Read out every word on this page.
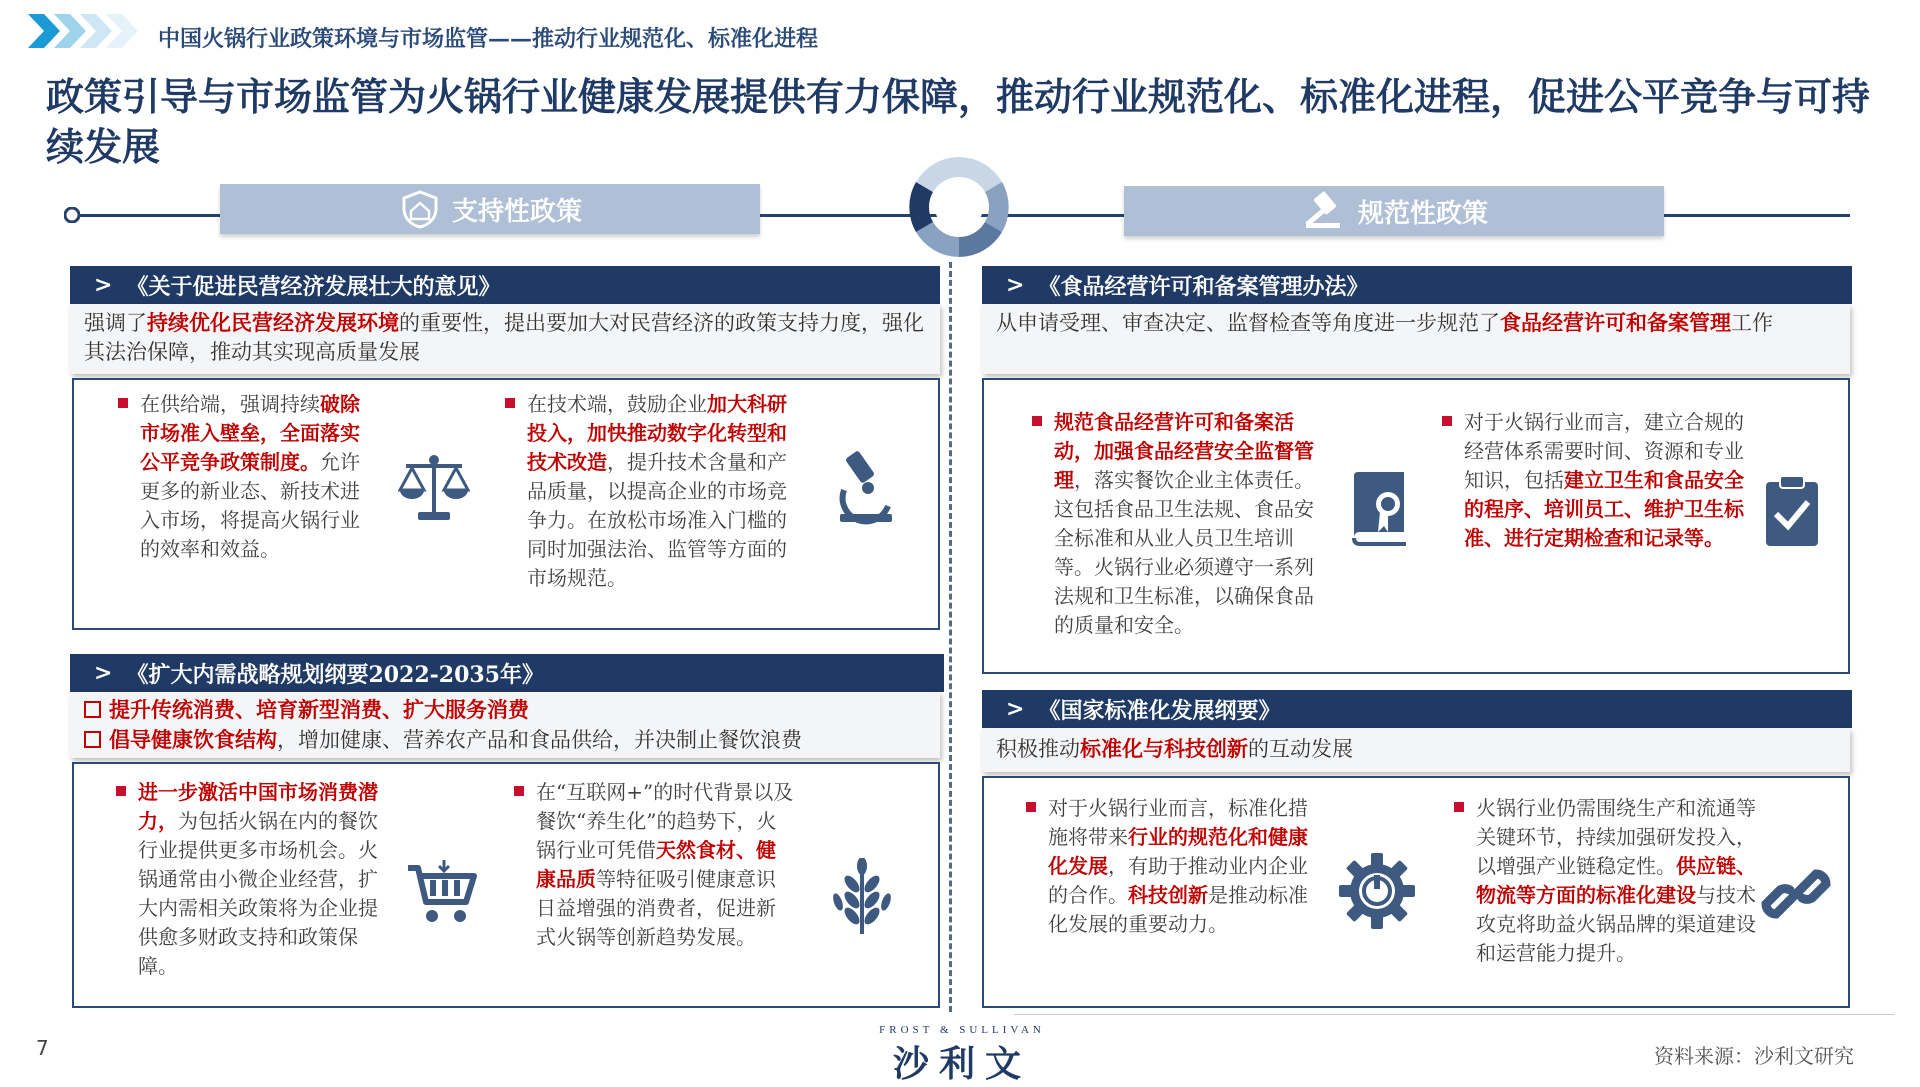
中国火锅行业政策环境与市场监管——推动行业规范化、标准化进程
政策引导与市场监管为火锅行业健康发展提供有力保障，推动行业规范化、标准化进程，促进公平竞争与可持续发展
支持性政策	规范性政策
> 《关于促进民营经济发展壮大的意见》
强调了持续优化民营经济发展环境的重要性，提出要加大对民营经济的政策支持力度，强化其法治保障，推动其实现高质量发展
在供给端，强调持续破除市场准入壁垒，全面落实公平竞争政策制度。允许更多的新业态、新技术进入市场，将提高火锅行业的效率和效益。
在技术端，鼓励企业加大科研投入，加快推动数字化转型和技术改造，提升技术含量和产品质量，以提高企业的市场竞争力。在放松市场准入门槛的同时加强法治、监管等方面的市场规范。
> 《扩大内需战略规划纲要2022-2035年》
提升传统消费、培育新型消费、扩大服务消费
倡导健康饮食结构，增加健康、营养农产品和食品供给，并决制止餐饮浪费
进一步激活中国市场消费潜力，为包括火锅在内的餐饮行业提供更多市场机会。火锅通常由小微企业经营，扩大内需相关政策将为企业提供愈多财政支持和政策保障。
在“互联网+”的时代背景以及餐饮“养生化”的趋势下，火锅行业可凭借天然食材、健康品质等特征吸引健康意识日益增强的消费者，促进新式火锅等创新趋势发展。
> 《食品经营许可和备案管理办法》
从申请受理、审查决定、监督检查等角度进一步规范了食品经营许可和备案管理工作
规范食品经营许可和备案活动，加强食品经营安全监督管理，落实餐饮企业主体责任。这包括食品卫生法规、食品安全标准和从业人员卫生培训等。火锅行业必须遵守一系列法规和卫生标准，以确保食品的质量和安全。
对于火锅行业而言，建立合规的经营体系需要时间、资源和专业知识，包括建立卫生和食品安全的程序、培训员工、维护卫生标准、进行定期检查和记录等。
> 《国家标准化发展纲要》
积极推动标准化与科技创新的互动发展
对于火锅行业而言，标准化措施将带来行业的规范化和健康化发展，有助于推动业内企业的合作。科技创新是推动标准化发展的重要动力。
火锅行业仍需围绕生产和流通等关键环节，持续加强研发投入，以增强产业链稳定性。供应链、物流等方面的标准化建设与技术攻克将助益火锅品牌的渠道建设和运营能力提升。
7
FROST & SULLIVAN
沙利文	资料来源：沙利文研究
